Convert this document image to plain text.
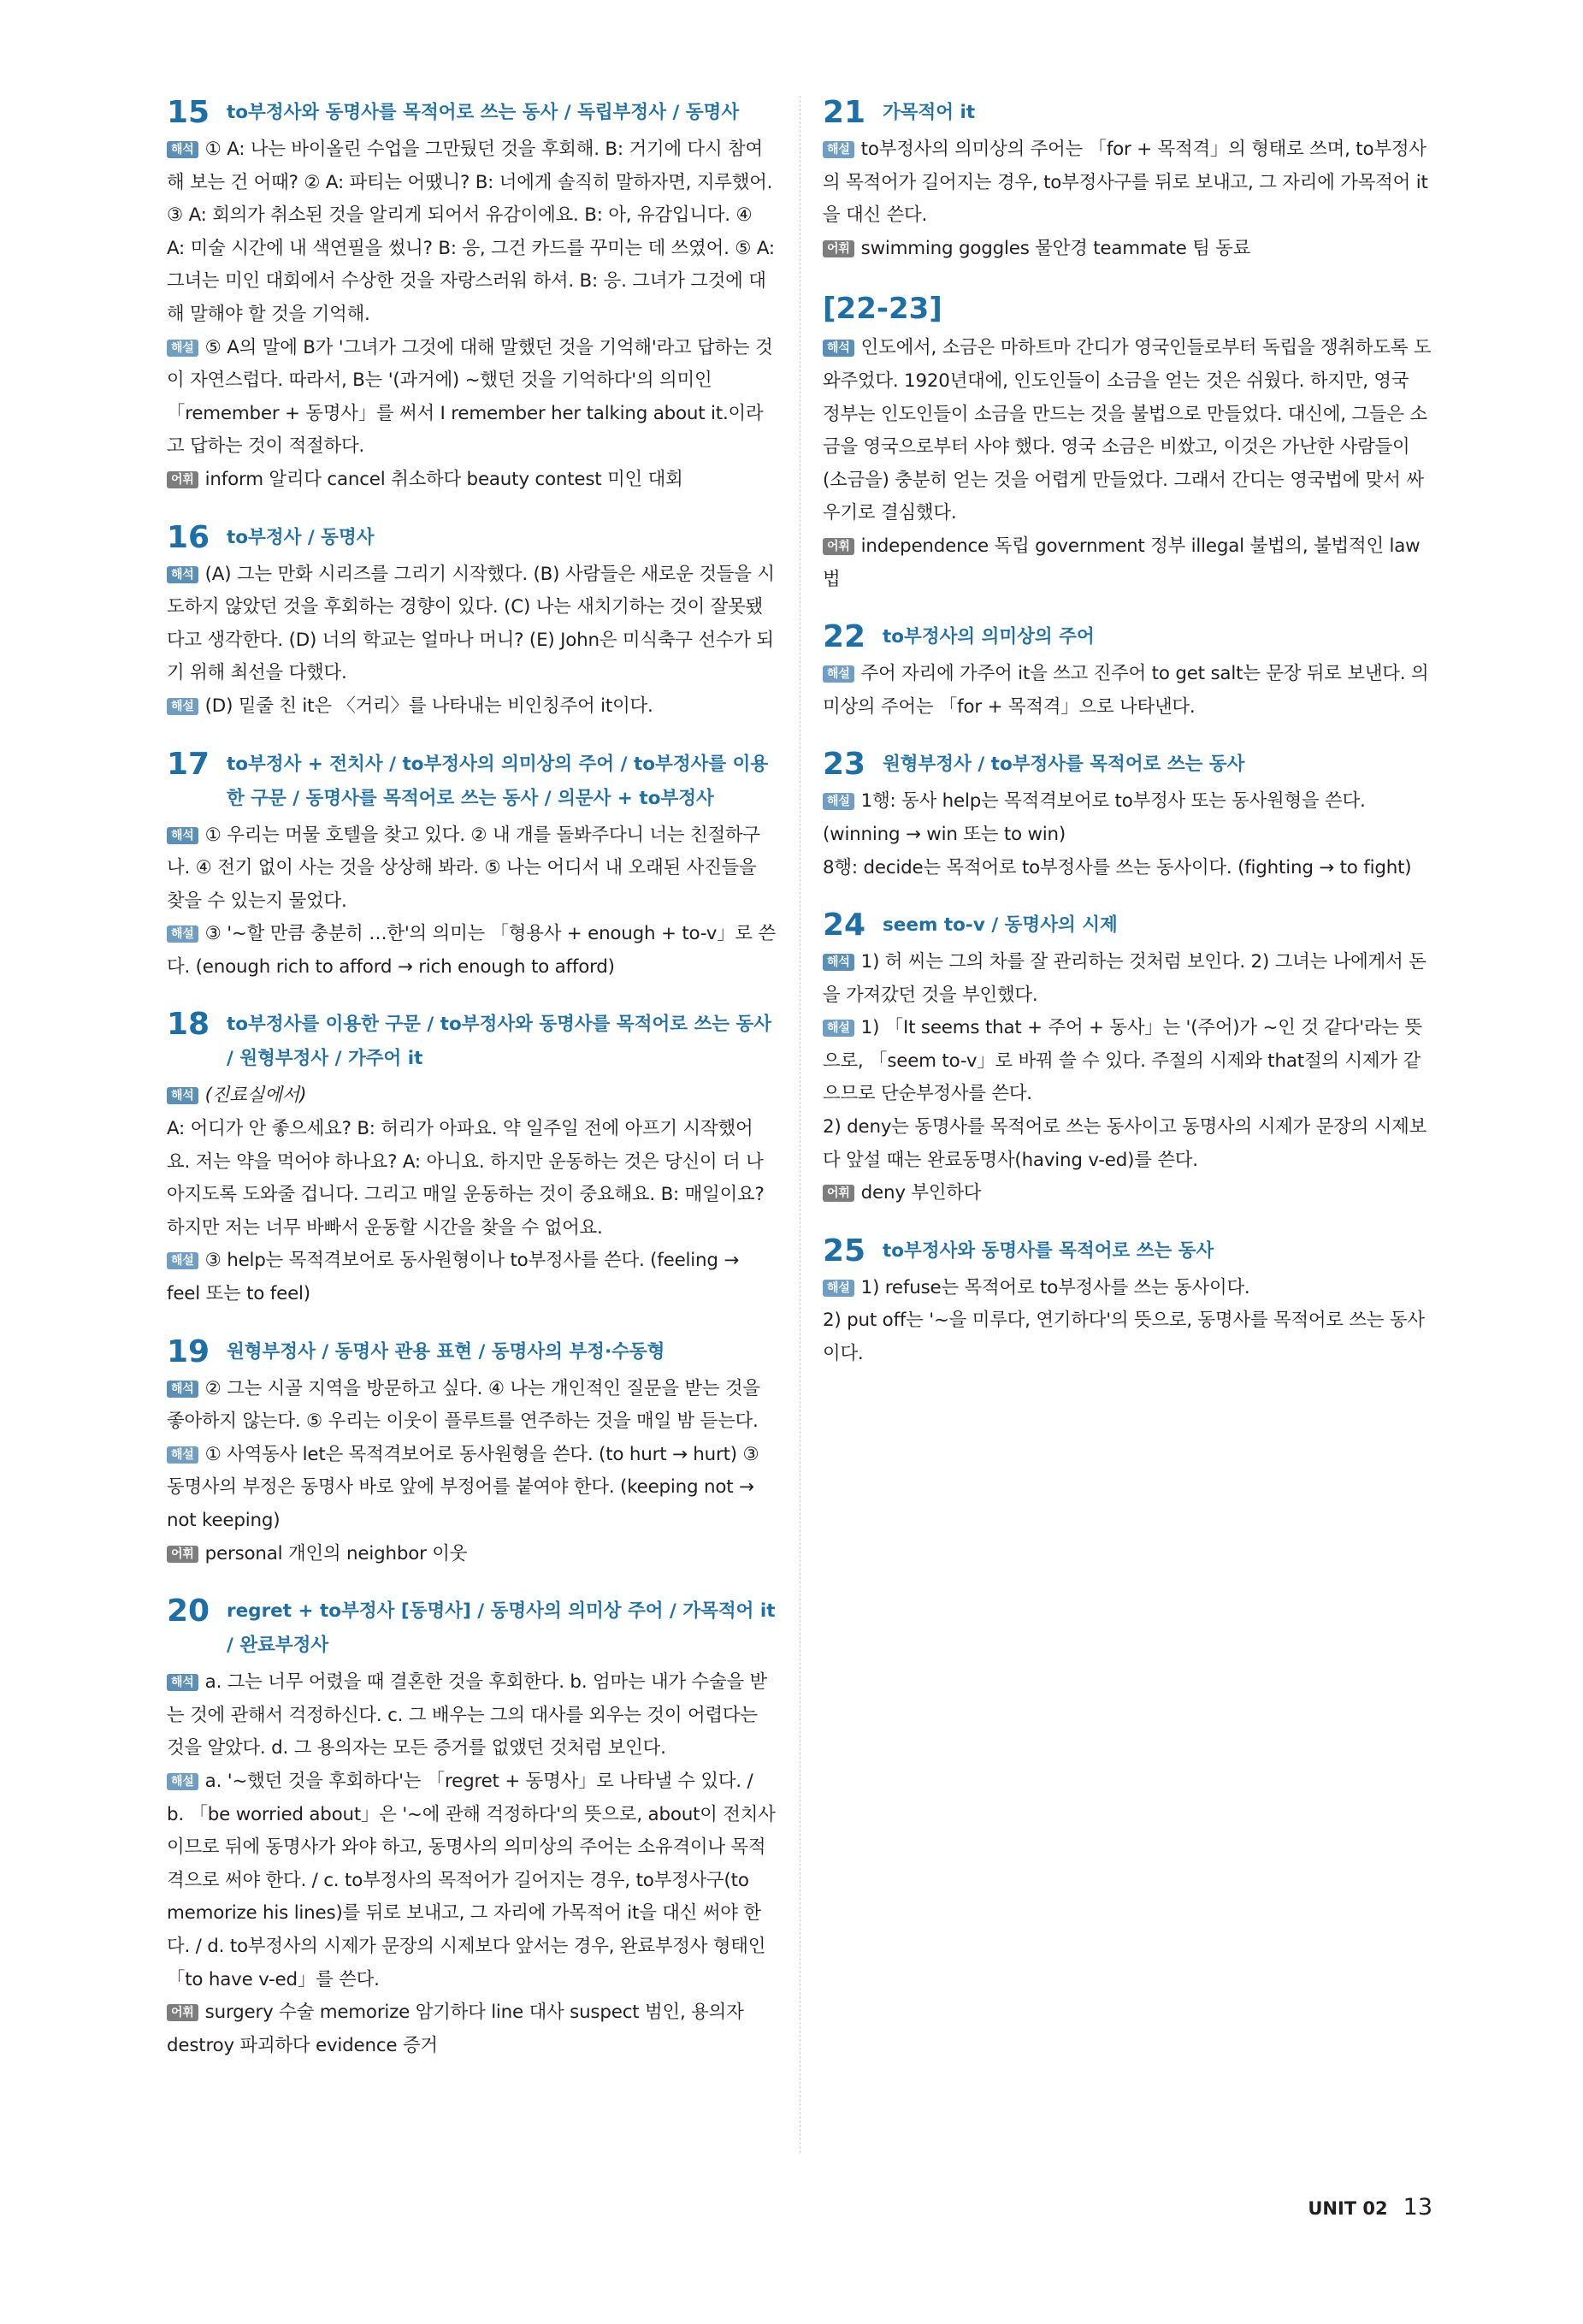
15 to부정사와 동명사를 목적어로 쓰는 동사 / 독립부정사 / 동명사

해석 ① A: 나는 바이올린 수업을 그만뒀던 것을 후회해. B: 거기에 다시 참여해 보는 건 어때? ② A: 파티는 어땠니? B: 너에게 솔직히 말하자면, 지루했어. ③ A: 회의가 취소된 것을 알리게 되어서 유감이에요. B: 아, 유감입니다. ④ A: 미술 시간에 내 색연필을 썼니? B: 응, 그건 카드를 꾸미는 데 쓰였어. ⑤ A: 그녀는 미인 대회에서 수상한 것을 자랑스러워 하셔. B: 응. 그녀가 그것에 대해 말해야 할 것을 기억해.

해설 ⑤ A의 말에 B가 '그녀가 그것에 대해 말했던 것을 기억해'라고 답하는 것이 자연스럽다. 따라서, B는 '(과거에) ~했던 것을 기억하다'의 의미인 「remember + 동명사」를 써서 I remember her talking about it.이라고 답하는 것이 적절하다.

어휘 inform 알리다 cancel 취소하다 beauty contest 미인 대회

16 to부정사 / 동명사

해석 (A) 그는 만화 시리즈를 그리기 시작했다. (B) 사람들은 새로운 것들을 시도하지 않았던 것을 후회하는 경향이 있다. (C) 나는 새치기하는 것이 잘못됐다고 생각한다. (D) 너의 학교는 얼마나 머니? (E) John은 미식축구 선수가 되기 위해 최선을 다했다.

해설 (D) 밑줄 친 it은 〈거리〉를 나타내는 비인칭주어 it이다.

17 to부정사 + 전치사 / to부정사의 의미상의 주어 / to부정사를 이용한 구문 / 동명사를 목적어로 쓰는 동사 / 의문사 + to부정사

해석 ① 우리는 머물 호텔을 찾고 있다. ② 내 개를 돌봐주다니 너는 친절하구나. ④ 전기 없이 사는 것을 상상해 봐라. ⑤ 나는 어디서 내 오래된 사진들을 찾을 수 있는지 물었다.

해설 ③ '~할 만큼 충분히 …한'의 의미는 「형용사 + enough + to-v」로 쓴다. (enough rich to afford → rich enough to afford)

18 to부정사를 이용한 구문 / to부정사와 동명사를 목적어로 쓰는 동사 / 원형부정사 / 가주어 it

해석 (진료실에서)

A: 어디가 안 좋으세요? B: 허리가 아파요. 약 일주일 전에 아프기 시작했어요. 저는 약을 먹어야 하나요? A: 아니요. 하지만 운동하는 것은 당신이 더 나아지도록 도와줄 겁니다. 그리고 매일 운동하는 것이 중요해요. B: 매일이요? 하지만 저는 너무 바빠서 운동할 시간을 찾을 수 없어요.

해설 ③ help는 목적격보어로 동사원형이나 to부정사를 쓴다. (feeling → feel 또는 to feel)

19 원형부정사 / 동명사 관용 표현 / 동명사의 부정·수동형

해석 ② 그는 시골 지역을 방문하고 싶다. ④ 나는 개인적인 질문을 받는 것을 좋아하지 않는다. ⑤ 우리는 이웃이 플루트를 연주하는 것을 매일 밤 듣는다.

해설 ① 사역동사 let은 목적격보어로 동사원형을 쓴다. (to hurt → hurt) ③ 동명사의 부정은 동명사 바로 앞에 부정어를 붙여야 한다. (keeping not → not keeping)

어휘 personal 개인의 neighbor 이웃

20 regret + to부정사 [동명사] / 동명사의 의미상 주어 / 가목적어 it / 완료부정사

해석 a. 그는 너무 어렸을 때 결혼한 것을 후회한다. b. 엄마는 내가 수술을 받는 것에 관해서 걱정하신다. c. 그 배우는 그의 대사를 외우는 것이 어렵다는 것을 알았다. d. 그 용의자는 모든 증거를 없앴던 것처럼 보인다.

해설 a. '~했던 것을 후회하다'는 「regret + 동명사」로 나타낼 수 있다. / b. 「be worried about」은 '~에 관해 걱정하다'의 뜻으로, about이 전치사이므로 뒤에 동명사가 와야 하고, 동명사의 의미상의 주어는 소유격이나 목적격으로 써야 한다. / c. to부정사의 목적어가 길어지는 경우, to부정사구(to memorize his lines)를 뒤로 보내고, 그 자리에 가목적어 it을 대신 써야 한다. / d. to부정사의 시제가 문장의 시제보다 앞서는 경우, 완료부정사 형태인 「to have v-ed」를 쓴다.

어휘 surgery 수술 memorize 암기하다 line 대사 suspect 범인, 용의자 destroy 파괴하다 evidence 증거

21 가목적어 it

해설 to부정사의 의미상의 주어는 「for + 목적격」의 형태로 쓰며, to부정사의 목적어가 길어지는 경우, to부정사구를 뒤로 보내고, 그 자리에 가목적어 it을 대신 쓴다.

어휘 swimming goggles 물안경 teammate 팀 동료

[22-23]

해석 인도에서, 소금은 마하트마 간디가 영국인들로부터 독립을 쟁취하도록 도와주었다. 1920년대에, 인도인들이 소금을 얻는 것은 쉬웠다. 하지만, 영국 정부는 인도인들이 소금을 만드는 것을 불법으로 만들었다. 대신에, 그들은 소금을 영국으로부터 사야 했다. 영국 소금은 비쌌고, 이것은 가난한 사람들이 (소금을) 충분히 얻는 것을 어렵게 만들었다. 그래서 간디는 영국법에 맞서 싸우기로 결심했다.

어휘 independence 독립 government 정부 illegal 불법의, 불법적인 law 법

22 to부정사의 의미상의 주어

해설 주어 자리에 가주어 it을 쓰고 진주어 to get salt는 문장 뒤로 보낸다. 의미상의 주어는 「for + 목적격」으로 나타낸다.

23 원형부정사 / to부정사를 목적어로 쓰는 동사

해설 1행: 동사 help는 목적격보어로 to부정사 또는 동사원형을 쓴다. (winning → win 또는 to win)

8행: decide는 목적어로 to부정사를 쓰는 동사이다. (fighting → to fight)

24 seem to-v / 동명사의 시제

해석 1) 허 씨는 그의 차를 잘 관리하는 것처럼 보인다. 2) 그녀는 나에게서 돈을 가져갔던 것을 부인했다.

해설 1) 「It seems that + 주어 + 동사」는 '(주어)가 ~인 것 같다'라는 뜻으로, 「seem to-v」로 바꿔 쓸 수 있다. 주절의 시제와 that절의 시제가 같으므로 단순부정사를 쓴다.

2) deny는 동명사를 목적어로 쓰는 동사이고 동명사의 시제가 문장의 시제보다 앞설 때는 완료동명사(having v-ed)를 쓴다.

어휘 deny 부인하다

25 to부정사와 동명사를 목적어로 쓰는 동사

해설 1) refuse는 목적어로 to부정사를 쓰는 동사이다.

2) put off는 '~을 미루다, 연기하다'의 뜻으로, 동명사를 목적어로 쓰는 동사이다.

UNIT 02 13
